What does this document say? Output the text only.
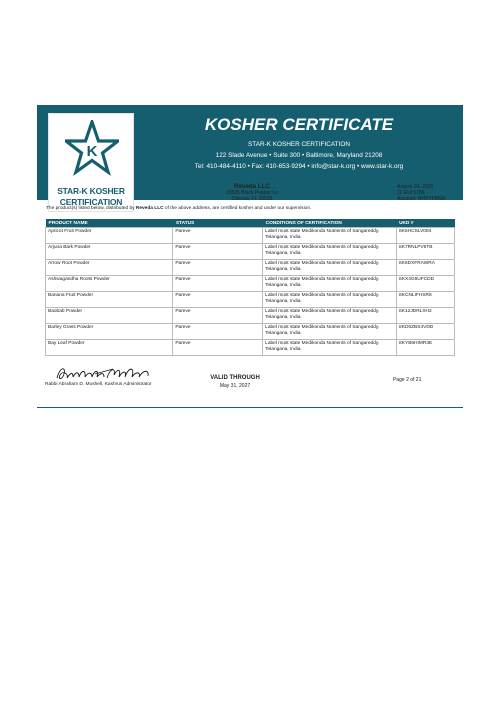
KOSHER CERTIFICATE
STAR-K KOSHER CERTIFICATION
122 Slade Avenue • Suite 300 • Baltimore, Maryland 21208
Tel: 410-484-4110 • Fax: 410-653-9294 • info@star-k.org • www.star-k.org
K
STAR-K KOSHER
CERTIFICATION
Reveda LLC
15526 Black Pepper Ln
Odessa, FL 15526
August 24, 2026
11 Elul 5786
Account: RHYYFBMA
The product(s) listed below, distributed by Reveda LLC of the above address, are certified kosher and under our supervision.
PRODUCT NAME	STATUS	CONDITIONS OF CERTIFICATION	UKD #
Apricot Fruit Powder	Pareve	Label must state Medikonda Nutrients of Sangareddy, Telangana, India.	SK5HCSLV084
Arjuna Bark Powder	Pareve	Label must state Medikonda Nutrients of Sangareddy, Telangana, India.	SK7RNLPV5TB
Arrow Root Powder	Pareve	Label must state Medikonda Nutrients of Sangareddy, Telangana, India.	SK6DXFRAWRA
Ashwagandha Roots Powder	Pareve	Label must state Medikonda Nutrients of Sangareddy, Telangana, India.	SKX4G5UFCDD
Banana Fruit Powder	Pareve	Label must state Medikonda Nutrients of Sangareddy, Telangana, India.	SKCNLIFHSR8
Baobab Powder	Pareve	Label must state Medikonda Nutrients of Sangareddy, Telangana, India.	SK12JDRLXH2
Barley Grass Powder	Pareve	Label must state Medikonda Nutrients of Sangareddy, Telangana, India.	SKD0ZBS4VDD
Bay Leaf Powder	Pareve	Label must state Medikonda Nutrients of Sangareddy, Telangana, India.	SKYB6HIMR3E
Rabbi Abraham D. Mushell, Kashrus Administrator
VALID THROUGH
May 31, 2027
Page 2 of 21
